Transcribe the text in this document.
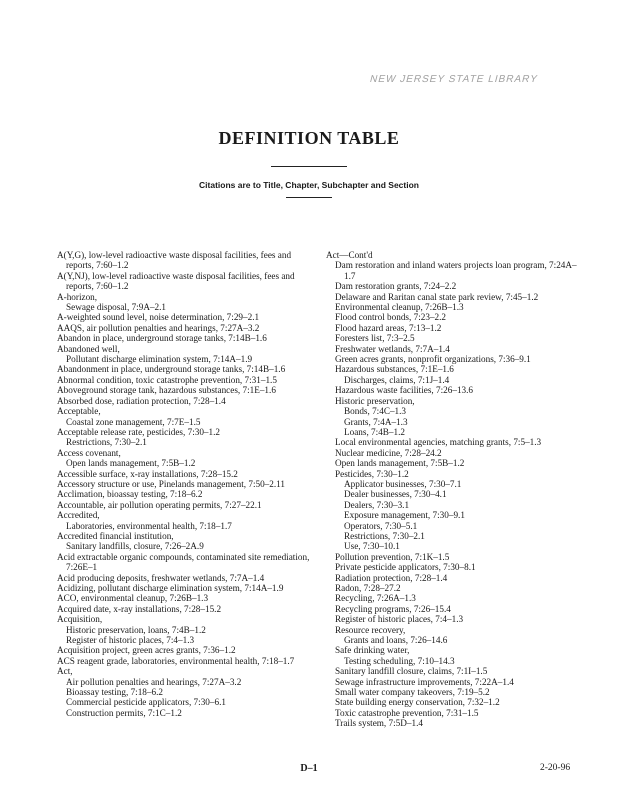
NEW JERSEY STATE LIBRARY
DEFINITION TABLE
Citations are to Title, Chapter, Subchapter and Section
A(Y,G), low-level radioactive waste disposal facilities, fees and reports, 7:60–1.2
A(Y,NJ), low-level radioactive waste disposal facilities, fees and reports, 7:60–1.2
A-horizon,
Sewage disposal, 7:9A–2.1
A-weighted sound level, noise determination, 7:29–2.1
AAQS, air pollution penalties and hearings, 7:27A–3.2
Abandon in place, underground storage tanks, 7:14B–1.6
Abandoned well,
Pollutant discharge elimination system, 7:14A–1.9
Abandonment in place, underground storage tanks, 7:14B–1.6
Abnormal condition, toxic catastrophe prevention, 7:31–1.5
Aboveground storage tank, hazardous substances, 7:1E–1.6
Absorbed dose, radiation protection, 7:28–1.4
Acceptable,
Coastal zone management, 7:7E–1.5
Acceptable release rate, pesticides, 7:30–1.2
Restrictions, 7:30–2.1
Access covenant,
Open lands management, 7:5B–1.2
Accessible surface, x-ray installations, 7:28–15.2
Accessory structure or use, Pinelands management, 7:50–2.11
Acclimation, bioassay testing, 7:18–6.2
Accountable, air pollution operating permits, 7:27–22.1
Accredited,
Laboratories, environmental health, 7:18–1.7
Accredited financial institution,
Sanitary landfills, closure, 7:26–2A.9
Acid extractable organic compounds, contaminated site remediation, 7:26E–1
Acid producing deposits, freshwater wetlands, 7:7A–1.4
Acidizing, pollutant discharge elimination system, 7:14A–1.9
ACO, environmental cleanup, 7:26B–1.3
Acquired date, x-ray installations, 7:28–15.2
Acquisition,
Historic preservation, loans, 7:4B–1.2
Register of historic places, 7:4–1.3
Acquisition project, green acres grants, 7:36–1.2
ACS reagent grade, laboratories, environmental health, 7:18–1.7
Act,
Air pollution penalties and hearings, 7:27A–3.2
Bioassay testing, 7:18–6.2
Commercial pesticide applicators, 7:30–6.1
Construction permits, 7:1C–1.2
Act—Cont'd
Dam restoration and inland waters projects loan program, 7:24A–1.7
Dam restoration grants, 7:24–2.2
Delaware and Raritan canal state park review, 7:45–1.2
Environmental cleanup, 7:26B–1.3
Flood control bonds, 7:23–2.2
Flood hazard areas, 7:13–1.2
Foresters list, 7:3–2.5
Freshwater wetlands, 7:7A–1.4
Green acres grants, nonprofit organizations, 7:36–9.1
Hazardous substances, 7:1E–1.6
Discharges, claims, 7:1J–1.4
Hazardous waste facilities, 7:26–13.6
Historic preservation,
Bonds, 7:4C–1.3
Grants, 7:4A–1.3
Loans, 7:4B–1.2
Local environmental agencies, matching grants, 7:5–1.3
Nuclear medicine, 7:28–24.2
Open lands management, 7:5B–1.2
Pesticides, 7:30–1.2
Applicator businesses, 7:30–7.1
Dealer businesses, 7:30–4.1
Dealers, 7:30–3.1
Exposure management, 7:30–9.1
Operators, 7:30–5.1
Restrictions, 7:30–2.1
Use, 7:30–10.1
Pollution prevention, 7:1K–1.5
Private pesticide applicators, 7:30–8.1
Radiation protection, 7:28–1.4
Radon, 7:28–27.2
Recycling, 7:26A–1.3
Recycling programs, 7:26–15.4
Register of historic places, 7:4–1.3
Resource recovery,
Grants and loans, 7:26–14.6
Safe drinking water,
Testing scheduling, 7:10–14.3
Sanitary landfill closure, claims, 7:1I–1.5
Sewage infrastructure improvements, 7:22A–1.4
Small water company takeovers, 7:19–5.2
State building energy conservation, 7:32–1.2
Toxic catastrophe prevention, 7:31–1.5
Trails system, 7:5D–1.4
D–1	2-20-96
